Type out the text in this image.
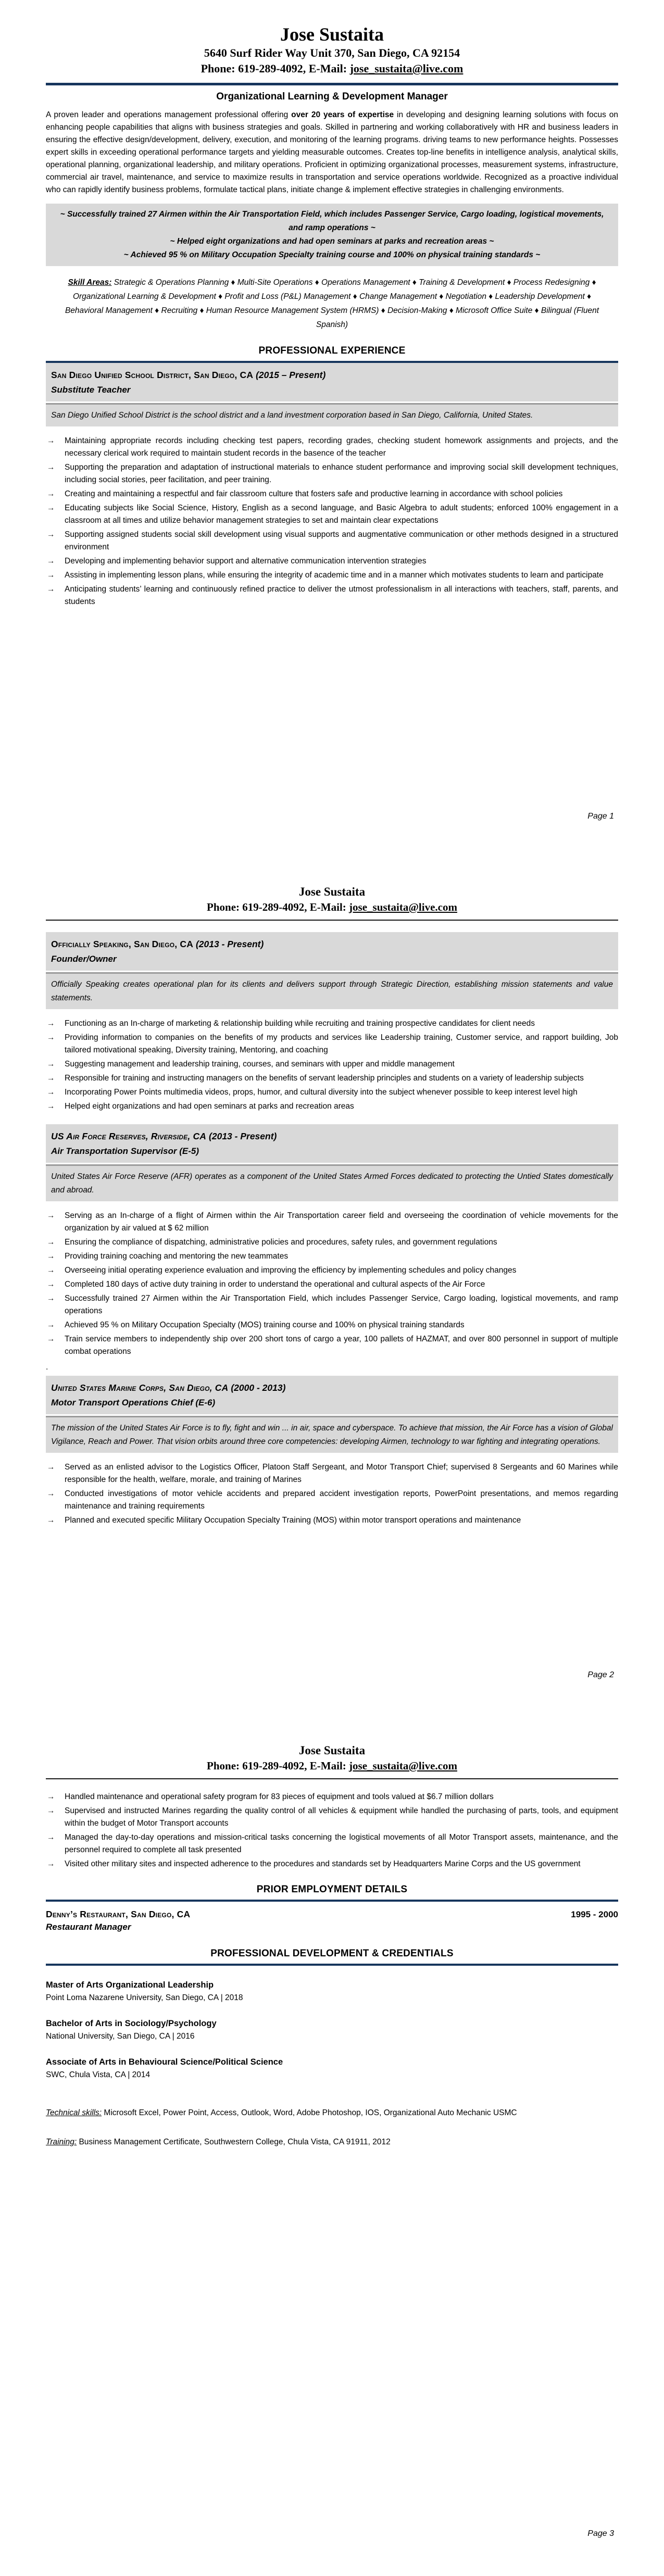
Jose Sustaita
5640 Surf Rider Way Unit 370, San Diego, CA 92154
Phone: 619-289-4092, E-Mail: jose_sustaita@live.com
Organizational Learning & Development Manager
A proven leader and operations management professional offering over 20 years of expertise in developing and designing learning solutions with focus on enhancing people capabilities that aligns with business strategies and goals. Skilled in partnering and working collaboratively with HR and business leaders in ensuring the effective design/development, delivery, execution, and monitoring of the learning programs. driving teams to new performance heights. Possesses expert skills in exceeding operational performance targets and yielding measurable outcomes. Creates top-line benefits in intelligence analysis, analytical skills, operational planning, organizational leadership, and military operations. Proficient in optimizing organizational processes, measurement systems, infrastructure, commercial air travel, maintenance, and service to maximize results in transportation and service operations worldwide. Recognized as a proactive individual who can rapidly identify business problems, formulate tactical plans, initiate change & implement effective strategies in challenging environments.
~ Successfully trained 27 Airmen within the Air Transportation Field, which includes Passenger Service, Cargo loading, logistical movements, and ramp operations ~
~ Helped eight organizations and had open seminars at parks and recreation areas ~
~ Achieved 95 % on Military Occupation Specialty training course and 100% on physical training standards ~
Skill Areas: Strategic & Operations Planning ♦ Multi-Site Operations ♦ Operations Management ♦ Training & Development ♦ Process Redesigning ♦ Organizational Learning & Development ♦ Profit and Loss (P&L) Management ♦ Change Management ♦ Negotiation ♦ Leadership Development ♦ Behavioral Management ♦ Recruiting ♦ Human Resource Management System (HRMS) ♦ Decision-Making ♦ Microsoft Office Suite ♦ Bilingual (Fluent Spanish)
PROFESSIONAL EXPERIENCE
San Diego Unified School District, San Diego, CA (2015 – Present)
Substitute Teacher
San Diego Unified School District is the school district and a land investment corporation based in San Diego, California, United States.
→	Maintaining appropriate records including checking test papers, recording grades, checking student homework assignments and projects, and the necessary clerical work required to maintain student records in the basence of the teacher
→	Supporting the preparation and adaptation of instructional materials to enhance student performance and improving social skill development techniques, including social stories, peer facilitation, and peer training.
→	Creating and maintaining a respectful and fair classroom culture that fosters safe and productive learning in accordance with school policies
→	Educating subjects like Social Science, History, English as a second language, and Basic Algebra to adult students; enforced 100% engagement in a classroom at all times and utilize behavior management strategies to set and maintain clear expectations
→	Supporting assigned students social skill development using visual supports and augmentative communication or other methods designed in a structured environment
→	Developing and implementing behavior support and alternative communication intervention strategies
→	Assisting in implementing lesson plans, while ensuring the integrity of academic time and in a manner which motivates students to learn and participate
→	Anticipating students’ learning and continuously refined practice to deliver the utmost professionalism in all interactions with teachers, staff, parents, and students
Page 1
Jose Sustaita
Phone: 619-289-4092, E-Mail: jose_sustaita@live.com
Officially Speaking, San Diego, CA (2013 - Present)
Founder/Owner
Officially Speaking creates operational plan for its clients and delivers support through Strategic Direction, establishing mission statements and value statements.
→	Functioning as an In-charge of marketing & relationship building while recruiting and training prospective candidates for client needs
→	Providing information to companies on the benefits of my products and services like Leadership training, Customer service, and rapport building, Job tailored motivational speaking, Diversity training, Mentoring, and coaching
→	Suggesting management and leadership training, courses, and seminars with upper and middle management
→	Responsible for training and instructing managers on the benefits of servant leadership principles and students on a variety of leadership subjects
→	Incorporating Power Points multimedia videos, props, humor, and cultural diversity into the subject whenever possible to keep interest level high
→	Helped eight organizations and had open seminars at parks and recreation areas
US Air Force Reserves, Riverside, CA (2013 - Present)
Air Transportation Supervisor (E-5)
United States Air Force Reserve (AFR) operates as a component of the United States Armed Forces dedicated to protecting the Untied States domestically and abroad.
→	Serving as an In-charge of a flight of Airmen within the Air Transportation career field and overseeing the coordination of vehicle movements for the organization by air valued at $ 62 million
→	Ensuring the compliance of dispatching, administrative policies and procedures, safety rules, and government regulations
→	Providing training coaching and mentoring the new teammates
→	Overseeing initial operating experience evaluation and improving the efficiency by implementing schedules and policy changes
→	Completed 180 days of active duty training in order to understand the operational and cultural aspects of the Air Force
→	Successfully trained 27 Airmen within the Air Transportation Field, which includes Passenger Service, Cargo loading, logistical movements, and ramp operations
→	Achieved 95 % on Military Occupation Specialty (MOS) training course and 100% on physical training standards
→	Train service members to independently ship over 200 short tons of cargo a year, 100 pallets of HAZMAT, and over 800 personnel in support of multiple combat operations
.
United States Marine Corps, San Diego, CA (2000 - 2013)
Motor Transport Operations Chief (E-6)
The mission of the United States Air Force is to fly, fight and win ... in air, space and cyberspace. To achieve that mission, the Air Force has a vision of Global Vigilance, Reach and Power. That vision orbits around three core competencies: developing Airmen, technology to war fighting and integrating operations.
→	Served as an enlisted advisor to the Logistics Officer, Platoon Staff Sergeant, and Motor Transport Chief; supervised 8 Sergeants and 60 Marines while responsible for the health, welfare, morale, and training of Marines
→	Conducted investigations of motor vehicle accidents and prepared accident investigation reports, PowerPoint presentations, and memos regarding maintenance and training requirements
→	Planned and executed specific Military Occupation Specialty Training (MOS) within motor transport operations and maintenance
Page 2
Jose Sustaita
Phone: 619-289-4092, E-Mail: jose_sustaita@live.com
→	Handled maintenance and operational safety program for 83 pieces of equipment and tools valued at $6.7 million dollars
→	Supervised and instructed Marines regarding the quality control of all vehicles & equipment while handled the purchasing of parts, tools, and equipment within the budget of Motor Transport accounts
→	Managed the day-to-day operations and mission-critical tasks concerning the logistical movements of all Motor Transport assets, maintenance, and the personnel required to complete all task presented
→	Visited other military sites and inspected adherence to the procedures and standards set by Headquarters Marine Corps and the US government
PRIOR EMPLOYMENT DETAILS
Denny’s Restaurant, San Diego, CA	1995 - 2000
Restaurant Manager
PROFESSIONAL DEVELOPMENT & CREDENTIALS
Master of Arts Organizational Leadership
Point Loma Nazarene University, San Diego, CA | 2018
Bachelor of Arts in Sociology/Psychology
National University, San Diego, CA | 2016
Associate of Arts in Behavioural Science/Political Science
SWC, Chula Vista, CA | 2014
Technical skills: Microsoft Excel, Power Point, Access, Outlook, Word, Adobe Photoshop, IOS, Organizational Auto Mechanic USMC
Training: Business Management Certificate, Southwestern College, Chula Vista, CA 91911, 2012
Page 3
